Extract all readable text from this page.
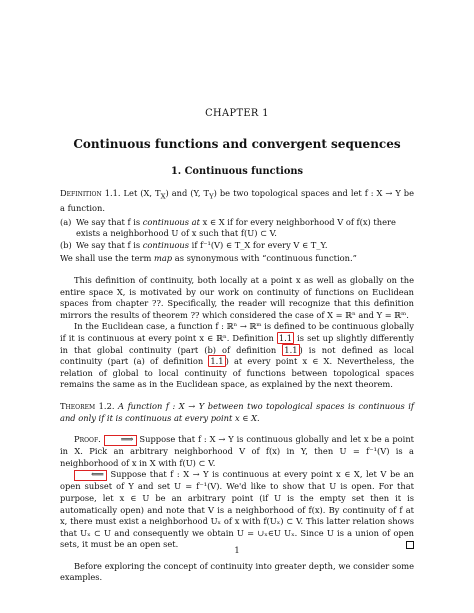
CHAPTER 1
Continuous functions and convergent sequences
1. Continuous functions

Definition 1.1. Let (X, $T_X$) and (Y, $T_Y$) be two topological spaces and let f : X → Y be a function.

(a) We say that f is continuous at x ∈ X if for every neighborhood V of f(x) there exists a neighborhood U of x such that f(U) ⊂ V.
(b) We say that f is continuous if f⁻¹(V) ∈ T_X for every V ∈ T_Y.

We shall use the term map as synonymous with “continuous function.”

This definition of continuity, both locally at a point x as well as globally on the entire space X, is motivated by our work on continuity of functions on Euclidean spaces from chapter ??. Specifically, the reader will recognize that this definition mirrors the results of theorem ?? which considered the case of X = ℝⁿ and Y = ℝᵐ.

In the Euclidean case, a function f : ℝⁿ → ℝᵐ is defined to be continuous globally if it is continuous at every point x ∈ ℝⁿ. Definition 1.1 is set up slightly differently in that global continuity (part (b) of definition 1.1 ) is not defined as local continuity (part (a) of definition 1.1 ) at every point x ∈ X. Nevertheless, the relation of global to local continuity of functions between topological spaces remains the same as in the Euclidean space, as explained by the next theorem.

Theorem 1.2. A function f : X → Y between two topological spaces is continuous if and only if it is continuous at every point x ∈ X.

Proof. ⟹ Suppose that f : X → Y is continuous globally and let x be a point in X. Pick an arbitrary neighborhood V of f(x) in Y, then U = f⁻¹(V) is a neighborhood of x in X with f(U) ⊂ V.

⟸ Suppose that f : X → Y is continuous at every point x ∈ X, let V be an open subset of Y and set U = f⁻¹(V). We'd like to show that U is open. For that purpose, let x ∈ U be an arbitrary point (if U is the empty set then it is automatically open) and note that V is a neighborhood of f(x). By continuity of f at x, there must exist a neighborhood Uₓ of x with f(Uₓ) ⊂ V. This latter relation shows that Uₓ ⊂ U and consequently we obtain U = ∪ₓ∈U Uₓ. Since U is a union of open sets, it must be an open set.

Before exploring the concept of continuity into greater depth, we consider some examples.

1
